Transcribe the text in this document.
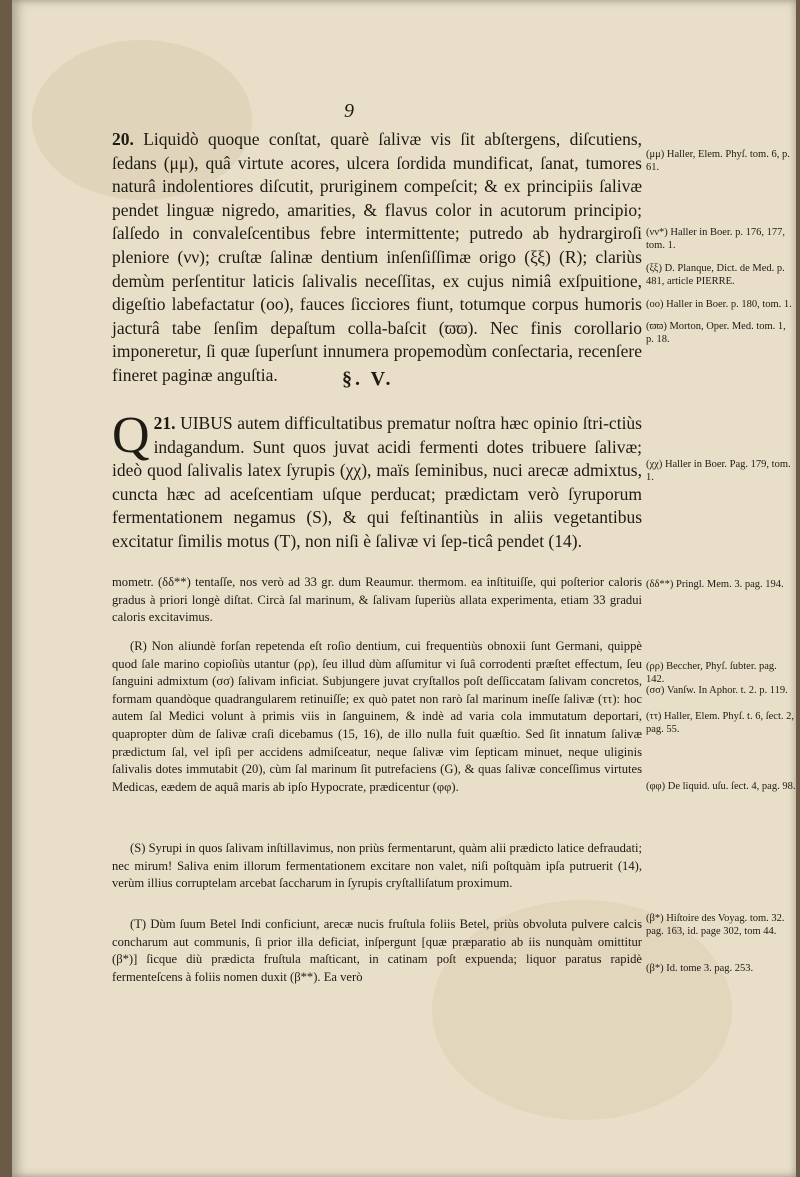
9

20. Liquidò quoque conſtat, quarè ſalivæ vis ſit abſtergens, diſcutiens, ſedans (μμ), quâ virtute acores, ulcera ſordida mundificat, ſanat, tumores naturâ indolentiores diſcutit, pruriginem compeſcit; & ex principiis ſalivæ pendet linguæ nigredo, amarities, & flavus color in acutorum principio; ſalſedo in convaleſcentibus febre intermittente; putredo ab hydrargiroſi pleniore (νν); cruſtæ ſalinæ dentium inſenſiſſimæ origo (ξξ) (R); clariùs demùm perſentitur laticis ſalivalis neceſſitas, ex cujus nimiâ exſpuitione, digeſtio labefactatur (οο), fauces ſicciores fiunt, totumque corpus humoris jacturâ tabe ſenſim depaſtum colla-baſcit (ϖϖ). Nec finis corollario imponeretur, ſi quæ ſuperſunt innumera propemodùm conſectaria, recenſere fineret paginæ anguſtia.	§. V.

21.
Q UIBUS autem difficultatibus prematur noſtra hæc opinio ſtri-ctiùs indagandum. Sunt quos juvat acidi fermenti dotes tribuere ſalivæ; ideò quod ſalivalis latex ſyrupis (χχ), maïs ſeminibus, nuci arecæ admixtus, cuncta hæc ad aceſcentiam uſque perducat; prædictam verò ſyruporum fermentationem negamus (S), & qui feſtinantiùs in aliis vegetantibus excitatur ſimilis motus (T), non niſi è ſalivæ vi ſep-ticâ pendet (14).

mometr. (δδ**) tentaſſe, nos verò ad 33 gr. dum Reaumur. thermom. ea inſtituiſſe, qui poſterior caloris gradus à priori longè diſtat. Circà ſal marinum, & ſalivam ſuperiùs allata experimenta, etiam 33 gradui caloris excitavimus.

(R) Non aliundè forſan repetenda eſt roſio dentium, cui frequentiùs obnoxii ſunt Germani, quippè quod ſale marino copioſiùs utantur (ρρ), ſeu illud dùm aſſumitur vi ſuâ corrodenti præſtet effectum, ſeu ſanguini admixtum (σσ) ſalivam inficiat. Subjungere juvat cryſtallos poſt deſſiccatam ſalivam concretos, formam quandòque quadrangularem retinuiſſe; ex quò patet non rarò ſal marinum ineſſe ſalivæ (ττ): hoc autem ſal Medici volunt à primis viis in ſanguinem, & indè ad varia cola immutatum deportari, quapropter dùm de ſalivæ craſi dicebamus (15, 16), de illo nulla fuit quæſtio. Sed ſit innatum ſalivæ prædictum ſal, vel ipſi per accidens admiſceatur, neque ſalivæ vim ſepticam minuet, neque uliginis ſalivalis dotes immutabit (20), cùm ſal marinum ſit putrefaciens (G), & quas ſalivæ conceſſimus virtutes Medicas, eædem de aquâ maris ab ipſo Hypocrate, prædicentur (φφ).

(S) Syrupi in quos ſalivam inſtillavimus, non priùs fermentarunt, quàm alii prædicto latice defraudati; nec mirum! Saliva enim illorum fermentationem excitare non valet, niſi poſtquàm ipſa putruerit (14), verùm illius corruptelam arcebat ſaccharum in ſyrupis cryſtalliſatum proximum.

(T) Dùm ſuum Betel Indi conficiunt, arecæ nucis fruſtula foliis Betel, priùs obvoluta pulvere calcis concharum aut communis, ſi prior illa deficiat, inſpergunt [quæ præparatio ab iis nunquàm omittitur (β*)] ſicque diù prædicta fruſtula maſticant, in catinam poſt expuenda; liquor paratus rapidè fermenteſcens à foliis nomen duxit (β**). Ea verò

(μμ) Haller, Elem. Phyſ. tom. 6, p. 61.
(νν*) Haller in Boer. p. 176, 177, tom. 1.
(ξξ) D. Planque, Dict. de Med. p. 481, article PIERRE.
(οο) Haller in Boer. p. 180, tom. 1.
(ϖϖ) Morton, Oper. Med. tom. 1, p. 18.
(χχ) Haller in Boer. Pag. 179, tom. 1.
(δδ**) Pringl. Mem. 3. pag. 194.
(ρρ) Beccher, Phyſ. ſubter. pag. 142.
(σσ) Vanſw. In Aphor. t. 2. p. 119.
(ττ) Haller, Elem. Phyſ. t. 6, ſect. 2, pag. 55.
(φφ) De liquid. uſu. ſect. 4, pag. 98.
(β*) Hiſtoire des Voyag. tom. 32. pag. 163, id. page 302, tom 44.
(β*) Id. tome 3. pag. 253.
